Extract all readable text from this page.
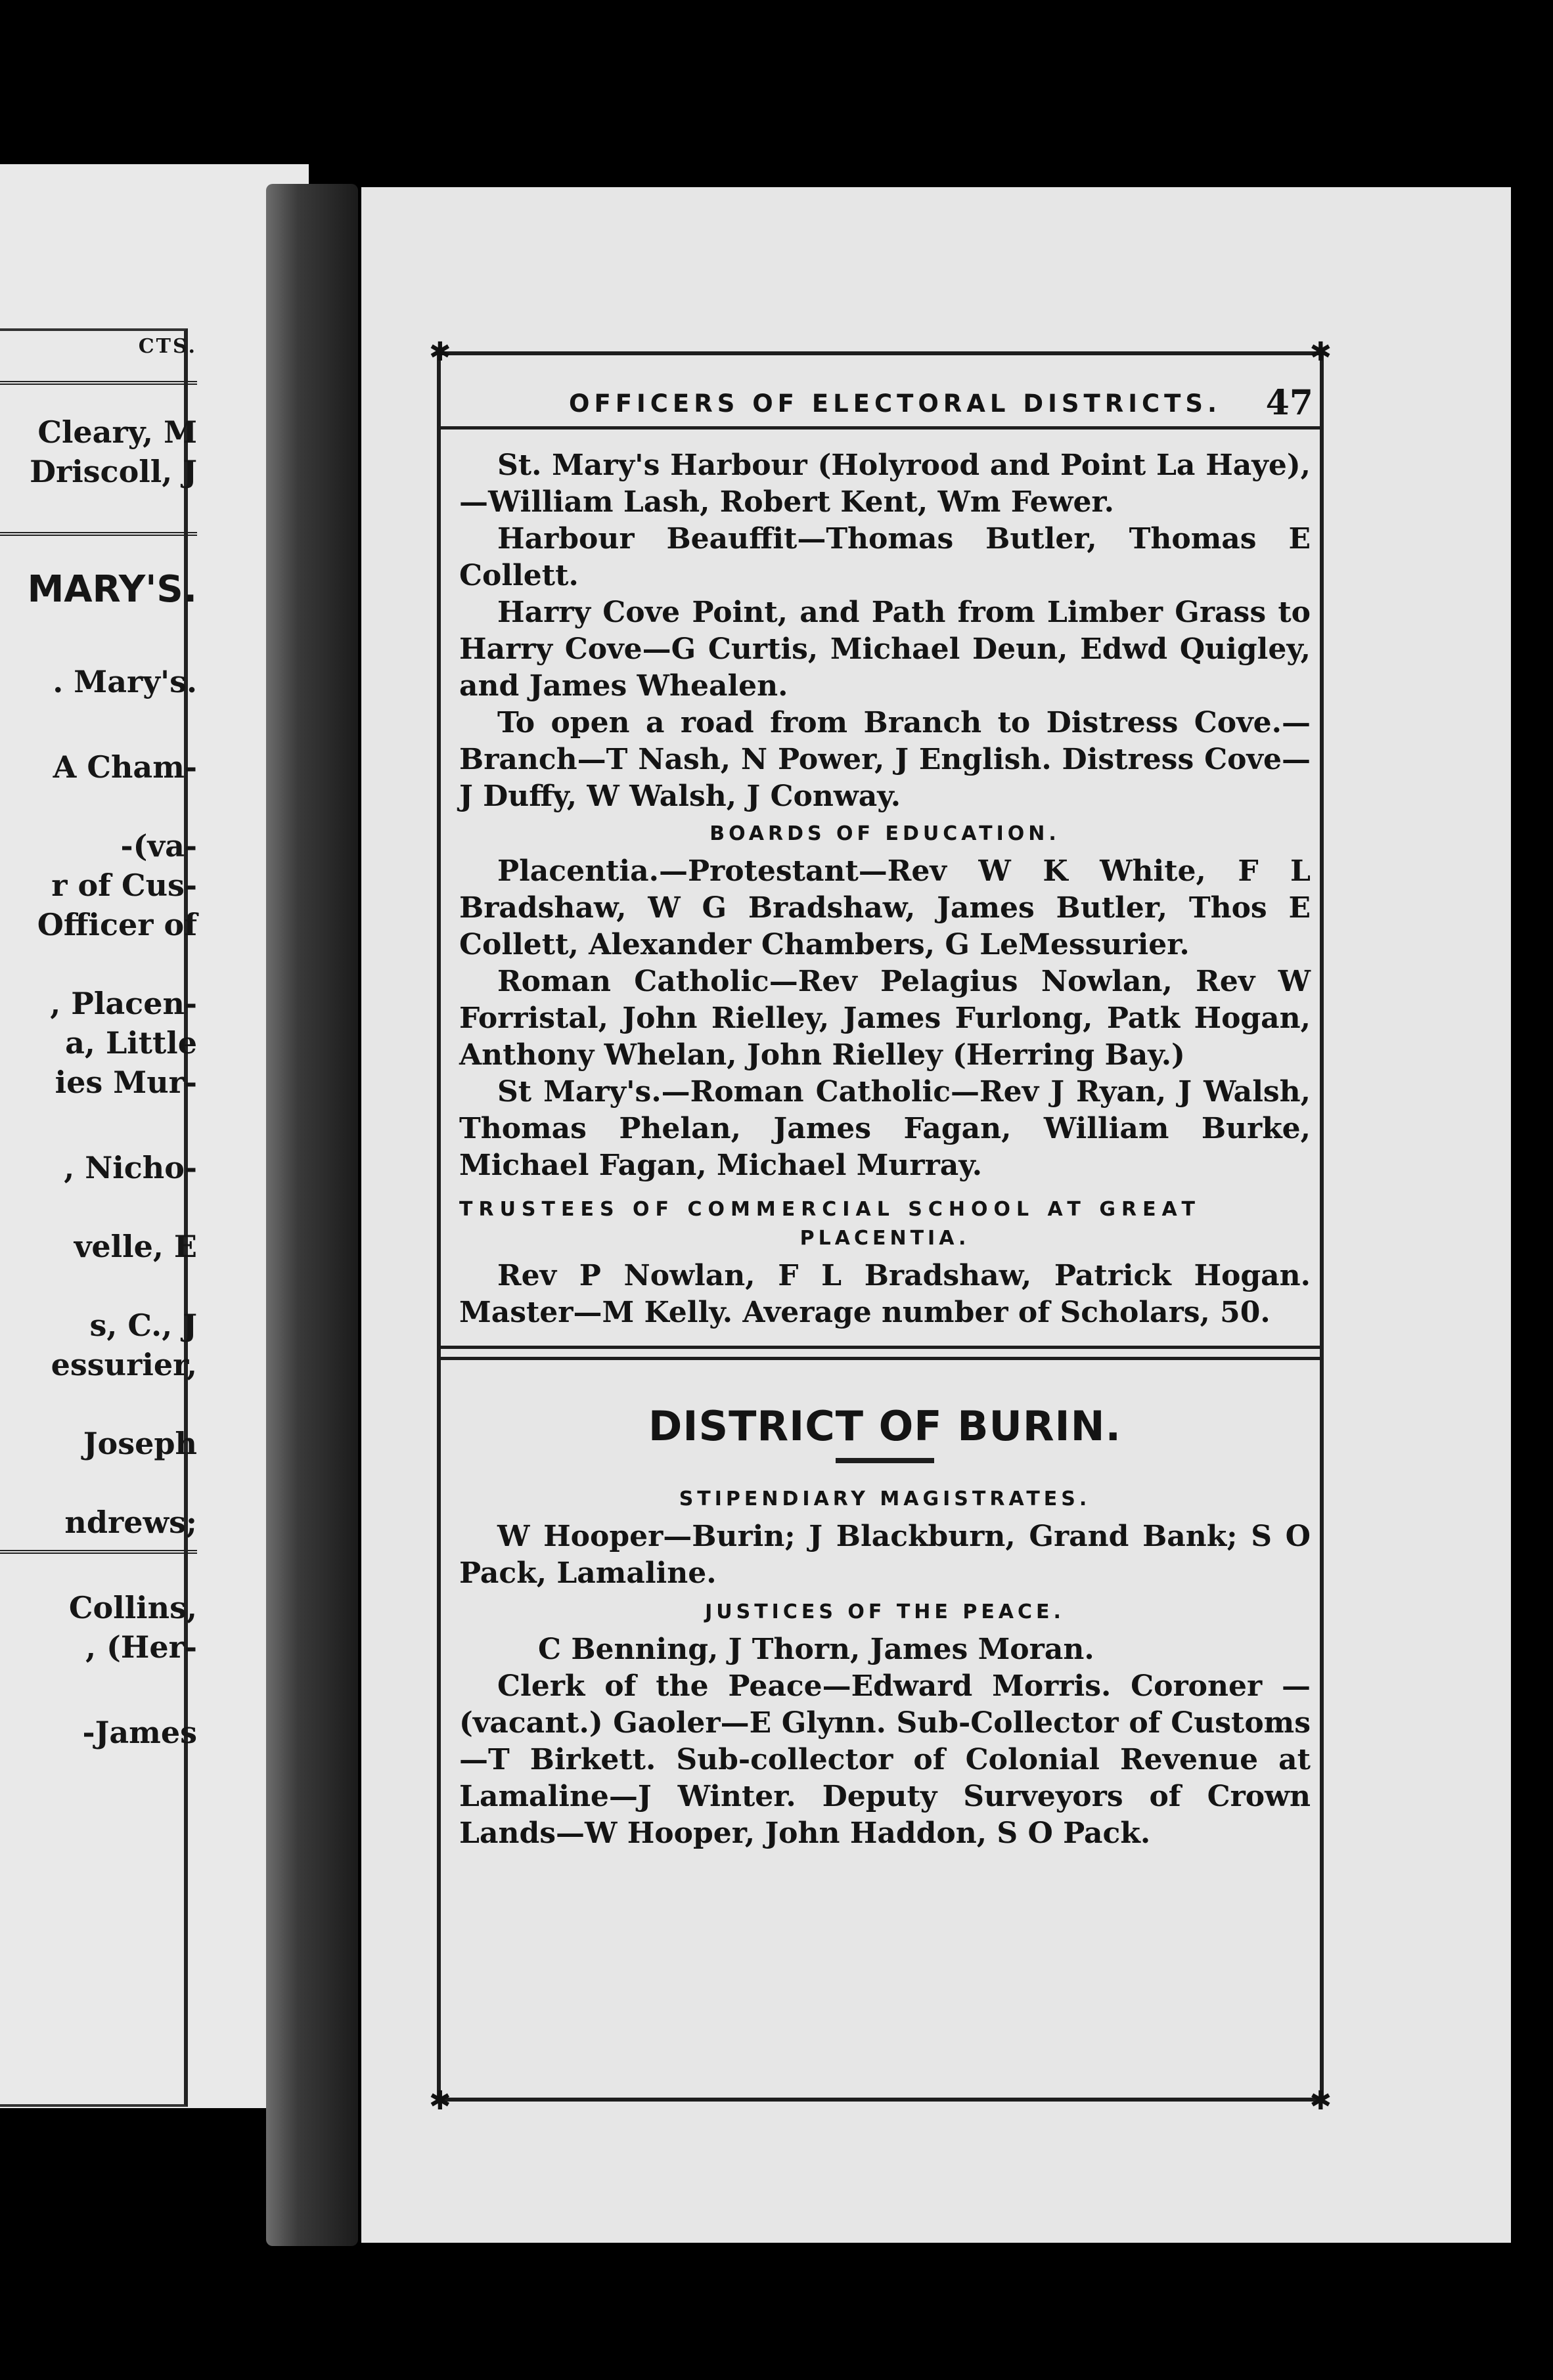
CTS.
Cleary, M
Driscoll, J
MARY'S.
. Mary's.
A Cham-
-(va-
r of Cus-
Officer of
, Placen-
a, Little
ies Mur-
, Nicho-
velle, E
s, C., J
essurier,
Joseph
ndrews;
Collins,
, (Her-
-James
✱	✱
✱	✱
OFFICERS OF ELECTORAL DISTRICTS. 47

St. Mary's Harbour (Holyrood and Point La Haye),—William Lash, Robert Kent, Wm Fewer.

Harbour Beauffit—Thomas Butler, Thomas E Collett.

Harry Cove Point, and Path from Limber Grass to Harry Cove—G Curtis, Michael Deun, Edwd Quigley, and James Whealen.

To open a road from Branch to Distress Cove.—Branch—T Nash, N Power, J English. Distress Cove—J Duffy, W Walsh, J Conway.

BOARDS OF EDUCATION.

Placentia.—Protestant—Rev W K White, F L Bradshaw, W G Bradshaw, James Butler, Thos E Collett, Alexander Chambers, G LeMessurier.

Roman Catholic—Rev Pelagius Nowlan, Rev W Forristal, John Rielley, James Furlong, Patk Hogan, Anthony Whelan, John Rielley (Herring Bay.)

St Mary's.—Roman Catholic—Rev J Ryan, J Walsh, Thomas Phelan, James Fagan, William Burke, Michael Fagan, Michael Murray.

TRUSTEES OF COMMERCIAL SCHOOL AT GREAT
PLACENTIA.

Rev P Nowlan, F L Bradshaw, Patrick Hogan. Master—M Kelly. Average number of Scholars, 50.

DISTRICT OF BURIN.
STIPENDIARY MAGISTRATES.

W Hooper—Burin; J Blackburn, Grand Bank; S O Pack, Lamaline.

JUSTICES OF THE PEACE.

C Benning, J Thorn, James Moran.

Clerk of the Peace—Edward Morris. Coroner —(vacant.) Gaoler—E Glynn. Sub-Collector of Customs—T Birkett. Sub-collector of Colonial Revenue at Lamaline—J Winter. Deputy Surveyors of Crown Lands—W Hooper, John Haddon, S O Pack.
